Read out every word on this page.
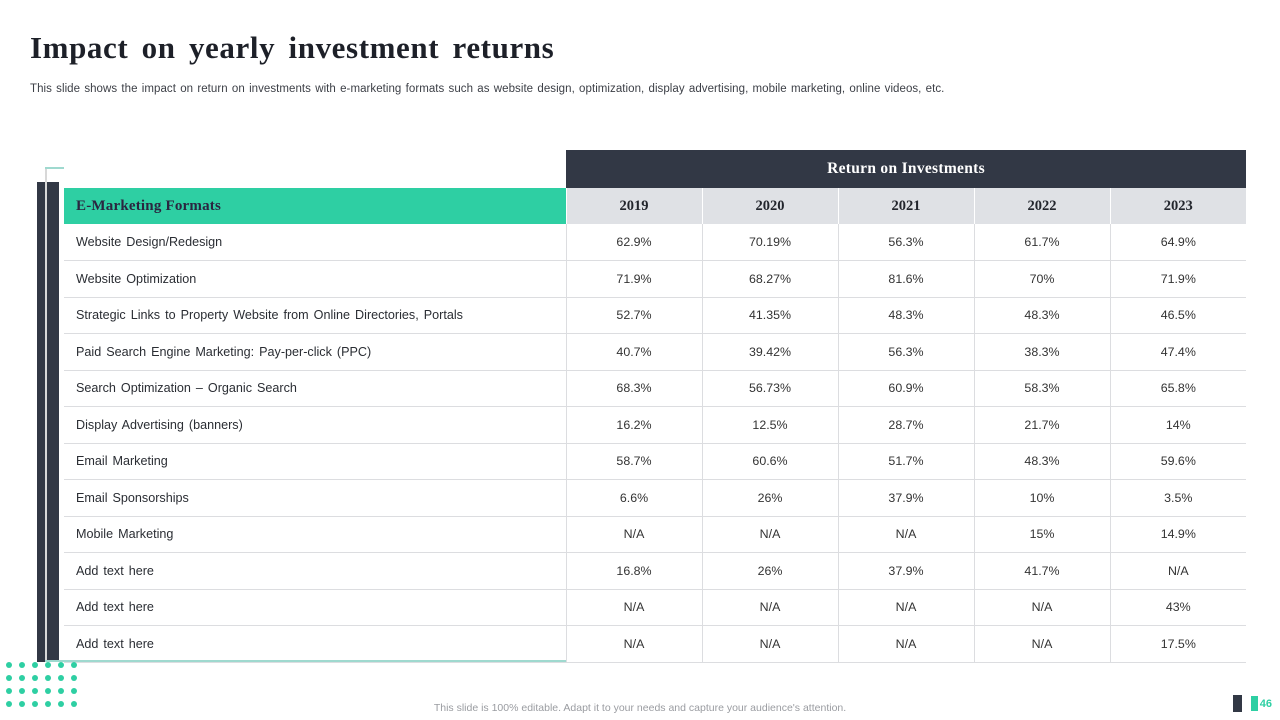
Impact on yearly investment returns
This slide shows the impact on return on investments with e-marketing formats such as website design, optimization, display advertising, mobile marketing, online videos, etc.
	Return on Investments				
E-Marketing Formats	2019	2020	2021	2022	2023
Website Design/Redesign	62.9%	70.19%	56.3%	61.7%	64.9%
Website Optimization	71.9%	68.27%	81.6%	70%	71.9%
Strategic Links to Property Website from Online Directories, Portals	52.7%	41.35%	48.3%	48.3%	46.5%
Paid Search Engine Marketing: Pay-per-click (PPC)	40.7%	39.42%	56.3%	38.3%	47.4%
Search Optimization – Organic Search	68.3%	56.73%	60.9%	58.3%	65.8%
Display Advertising (banners)	16.2%	12.5%	28.7%	21.7%	14%
Email Marketing	58.7%	60.6%	51.7%	48.3%	59.6%
Email Sponsorships	6.6%	26%	37.9%	10%	3.5%
Mobile Marketing	N/A	N/A	N/A	15%	14.9%
Add text here	16.8%	26%	37.9%	41.7%	N/A
Add text here	N/A	N/A	N/A	N/A	43%
Add text here	N/A	N/A	N/A	N/A	17.5%
This slide is 100% editable. Adapt it to your needs and capture your audience's attention.	46
